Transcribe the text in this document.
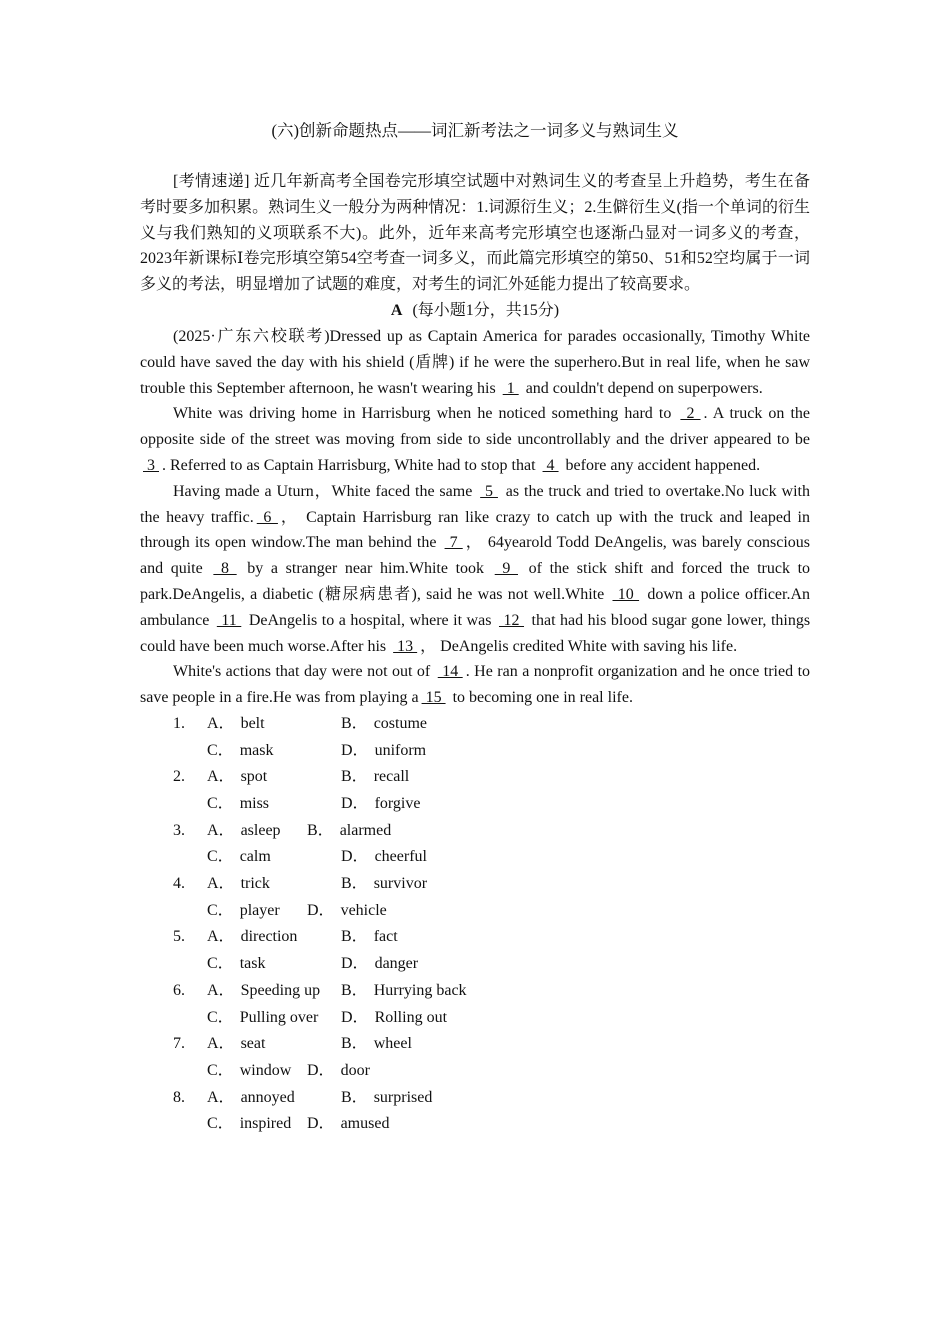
(六)创新命题热点——词汇新考法之一词多义与熟词生义

[考情速递] 近几年新高考全国卷完形填空试题中对熟词生义的考查呈上升趋势，考生在备考时要多加积累。熟词生义一般分为两种情况：1.词源衍生义；2.生僻衍生义(指一个单词的衍生义与我们熟知的义项联系不大)。此外，近年来高考完形填空也逐渐凸显对一词多义的考查，2023年新课标Ⅰ卷完形填空第54空考查一词多义，而此篇完形填空的第50、51和52空均属于一词多义的考法，明显增加了试题的难度，对考生的词汇外延能力提出了较高要求。

A (每小题1分，共15分)

(2025·广东六校联考)Dressed up as Captain America for parades occasionally, Timothy White could have saved the day with his shield (盾牌) if he were the superhero.But in real life, when he saw trouble this September afternoon, he wasn't wearing his  1  and couldn't depend on superpowers.

White was driving home in Harrisburg when he noticed something hard to  2 . A truck on the opposite side of the street was moving from side to side uncontrollably and the driver appeared to be  3 . Referred to as Captain Harrisburg, White had to stop that  4  before any accident happened.

Having made a Uturn，White faced the same  5  as the truck and tried to overtake.No luck with the heavy traffic. 6 ， Captain Harrisburg ran like crazy to catch up with the truck and leaped in through its open window.The man behind the  7 ， 64yearold Todd DeAngelis, was barely conscious and quite  8  by a stranger near him.White took  9  of the stick shift and forced the truck to park.DeAngelis, a diabetic (糖尿病患者), said he was not well.White  10  down a police officer.An ambulance  11  DeAngelis to a hospital, where it was  12  that had his blood sugar gone lower, things could have been much worse.After his  13 ， DeAngelis credited White with saving his life.

White's actions that day were not out of  14 . He ran a nonprofit organization and he once tried to save people in a fire.He was from playing a 15  to becoming one in real life.

1.	A． belt	B． costume
C． mask	D． uniform
2.	A． spot	B． recall
C． miss	D． forgive
3.	A． asleep	B． alarmed
C． calm	D． cheerful
4.	A． trick	B． survivor
C． player	D． vehicle
5.	A． direction	B． fact
C． task	D． danger
6.	A． Speeding up	B． Hurrying back
C． Pulling over	D． Rolling out
7.	A． seat	B． wheel
C． window D． door
8.	A． annoyed	B． surprised
C． inspired D． amused
